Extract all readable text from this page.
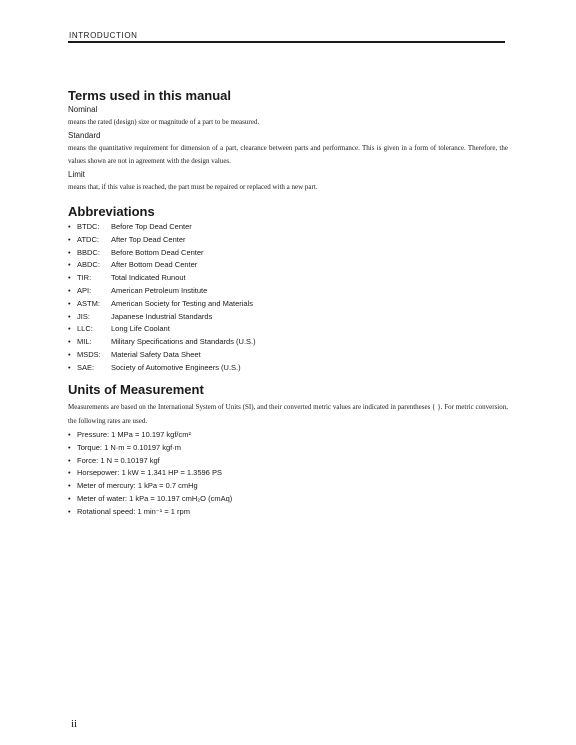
INTRODUCTION
Terms used in this manual
Nominal
means the rated (design) size or magnitude of a part to be measured.
Standard
means the quantitative requirement for dimension of a part, clearance between parts and performance. This is given in a form of tolerance. Therefore, the values shown are not in agreement with the design values.
Limit
means that, if this value is reached, the part must be repaired or replaced with a new part.
Abbreviations
• BTDC: Before Top Dead Center
• ATDC: After Top Dead Center
• BBDC: Before Bottom Dead Center
• ABDC: After Bottom Dead Center
• TIR:	Total Indicated Runout
• API:	American Petroleum Institute
• ASTM: American Society for Testing and Materials
• JIS:	Japanese Industrial Standards
• LLC: Long Life Coolant
• MIL:	Military Specifications and Standards (U.S.)
• MSDS: Material Safety Data Sheet
• SAE: Society of Automotive Engineers (U.S.)
Units of Measurement
Measurements are based on the International System of Units (SI), and their converted metric values are indicated in parentheses { }. For metric conversion, the following rates are used.
• Pressure: 1 MPa = 10.197 kgf/cm²
• Torque: 1 N·m = 0.10197 kgf·m
• Force: 1 N = 0.10197 kgf
• Horsepower: 1 kW = 1.341 HP = 1.3596 PS
• Meter of mercury: 1 kPa = 0.7 cmHg
• Meter of water: 1 kPa = 10.197 cmH₂O (cmAq)
• Rotational speed: 1 min⁻¹ = 1 rpm
ii
